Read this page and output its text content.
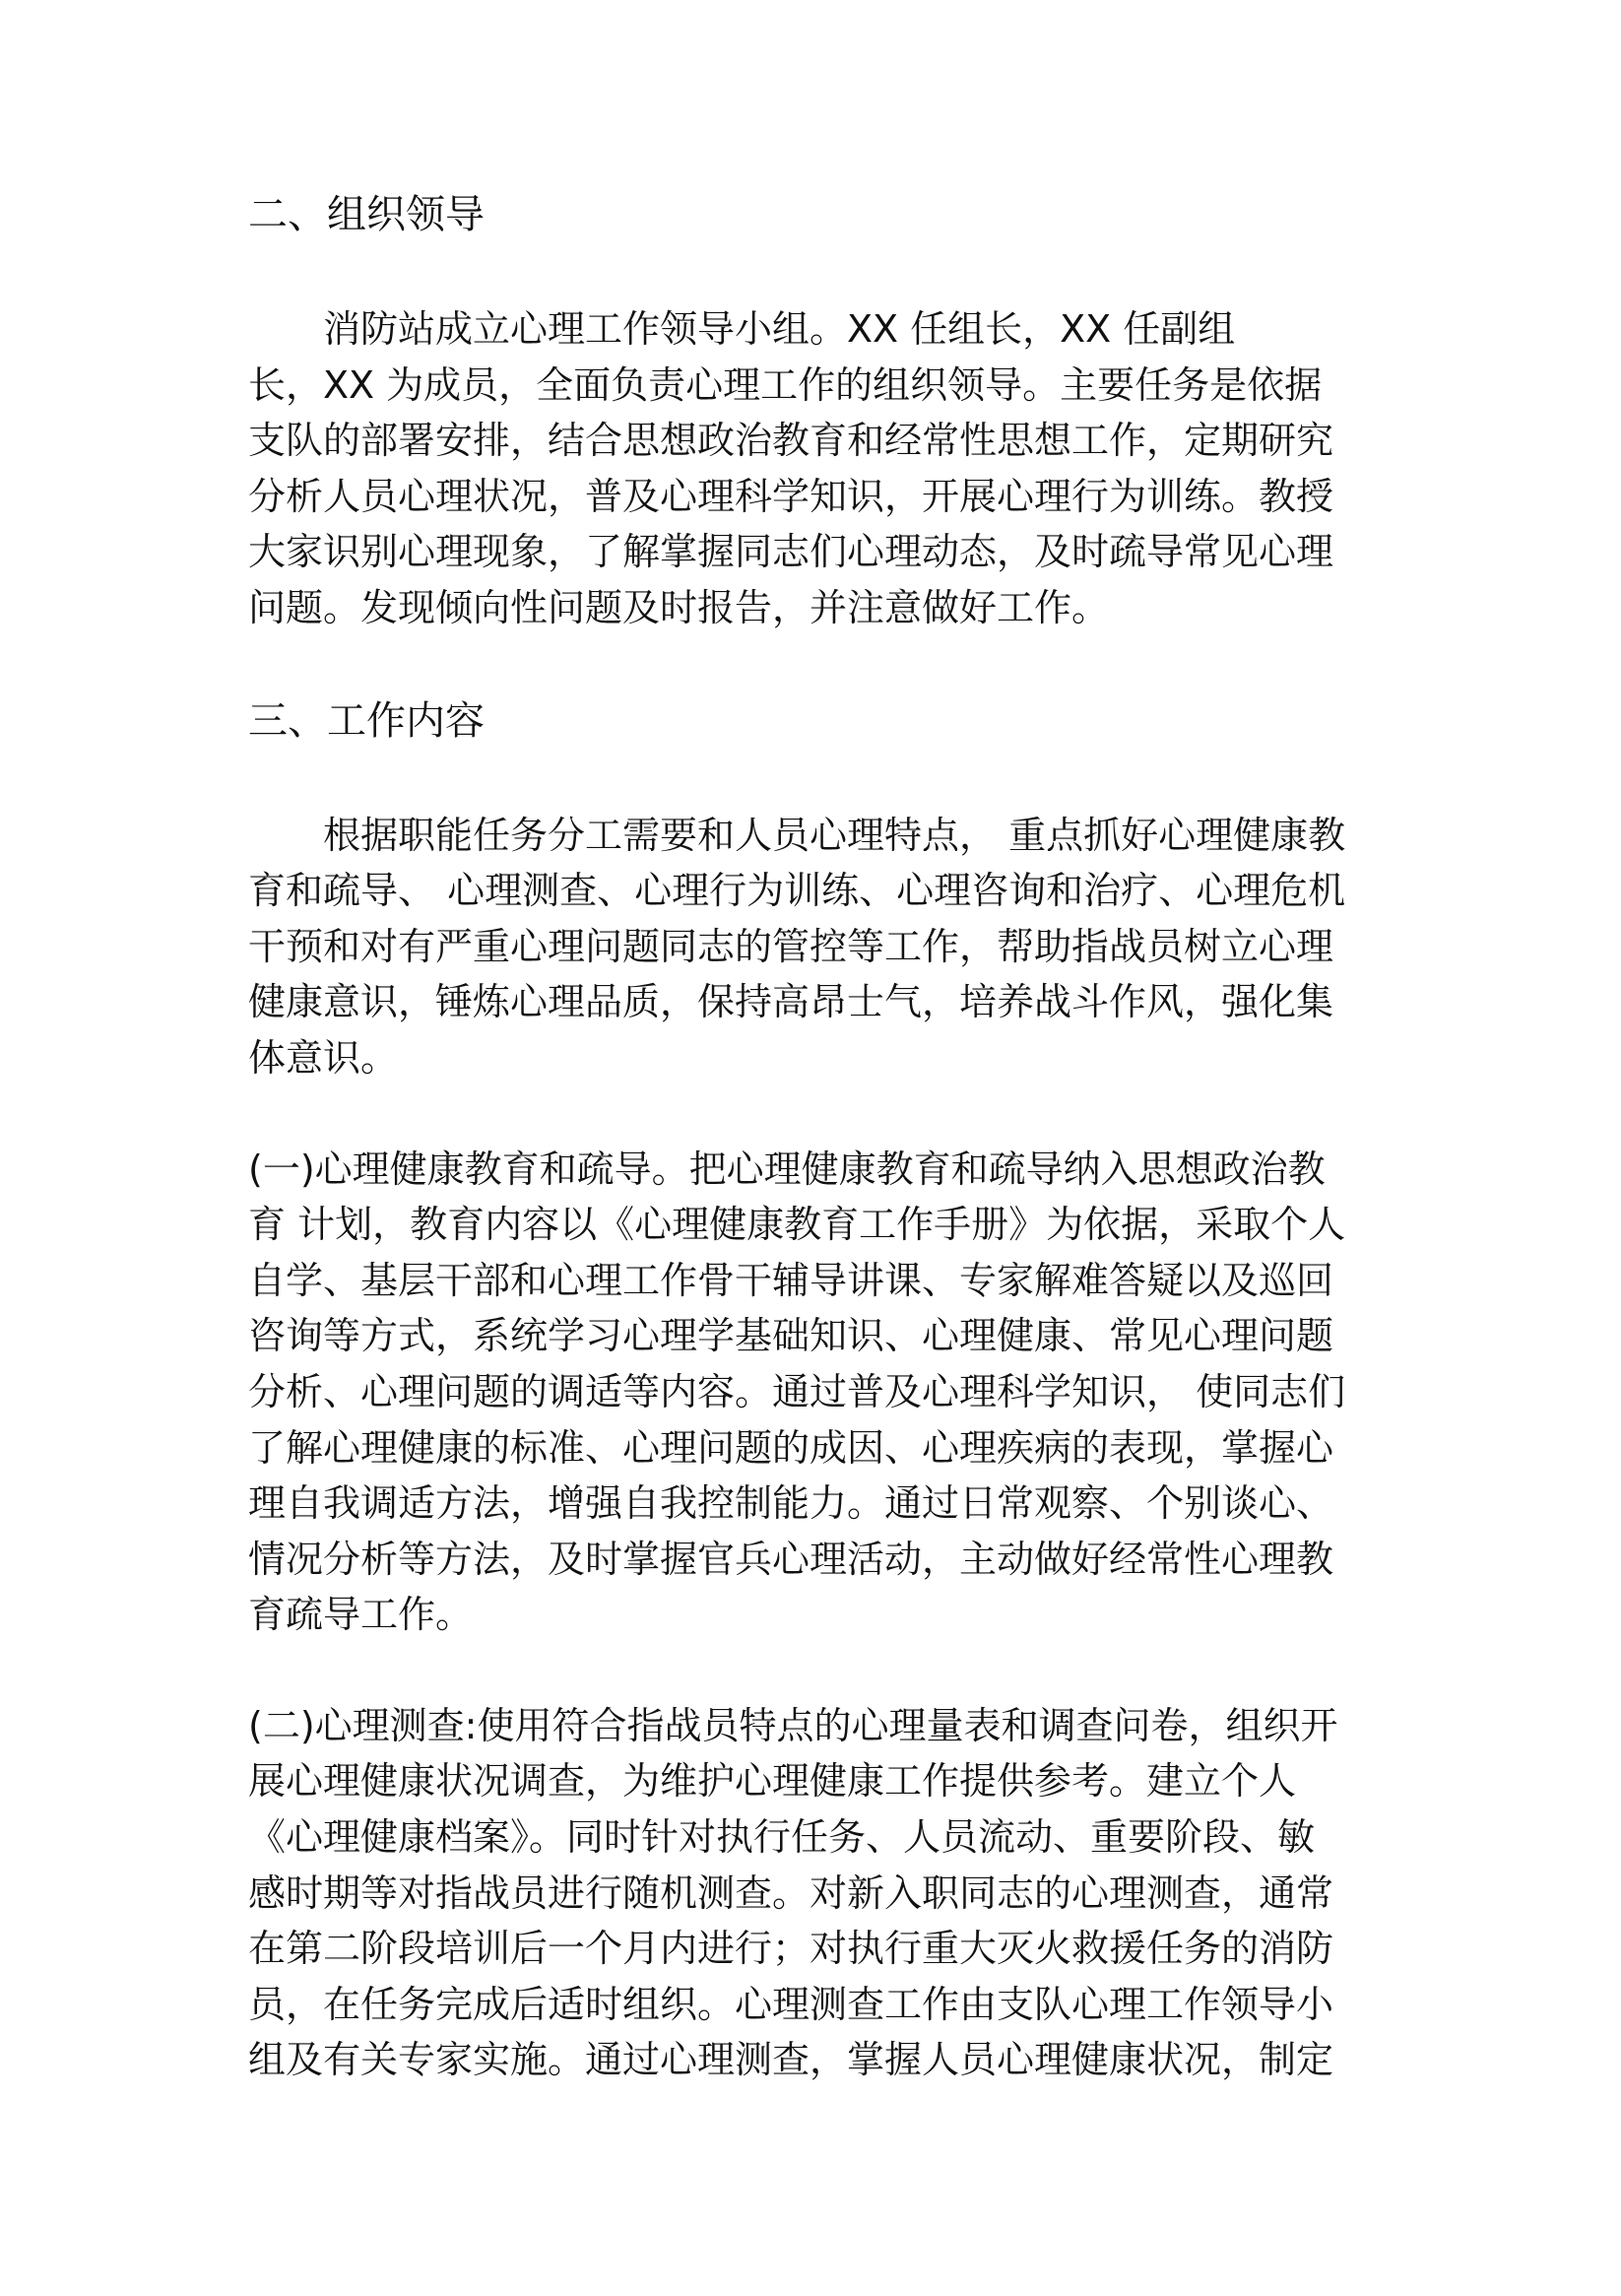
二、组织领导

消防站成立心理工作领导小组。XX 任组长，XX 任副组
长，XX 为成员，全面负责心理工作的组织领导。主要任务是依据
支队的部署安排，结合思想政治教育和经常性思想工作，定期研究
分析人员心理状况，普及心理科学知识，开展心理行为训练。教授
大家识别心理现象，了解掌握同志们心理动态，及时疏导常见心理
问题。发现倾向性问题及时报告，并注意做好工作。

三、工作内容

根据职能任务分工需要和人员心理特点， 重点抓好心理健康教
育和疏导、 心理测查、心理行为训练、心理咨询和治疗、心理危机
干预和对有严重心理问题同志的管控等工作，帮助指战员树立心理
健康意识，锤炼心理品质，保持高昂士气，培养战斗作风，强化集
体意识。

(一)心理健康教育和疏导。把心理健康教育和疏导纳入思想政治教
育 计划，教育内容以《心理健康教育工作手册》为依据，采取个人
自学、基层干部和心理工作骨干辅导讲课、专家解难答疑以及巡回
咨询等方式，系统学习心理学基础知识、心理健康、常见心理问题
分析、心理问题的调适等内容。通过普及心理科学知识， 使同志们
了解心理健康的标准、心理问题的成因、心理疾病的表现，掌握心
理自我调适方法，增强自我控制能力。通过日常观察、个别谈心、
情况分析等方法，及时掌握官兵心理活动，主动做好经常性心理教
育疏导工作。

(二)心理测查:使用符合指战员特点的心理量表和调查问卷，组织开
展心理健康状况调查，为维护心理健康工作提供参考。建立个人
《心理健康档案》。同时针对执行任务、人员流动、重要阶段、敏
感时期等对指战员进行随机测查。对新入职同志的心理测查，通常
在第二阶段培训后一个月内进行；对执行重大灭火救援任务的消防
员，在任务完成后适时组织。心理测查工作由支队心理工作领导小
组及有关专家实施。通过心理测查，掌握人员心理健康状况，制定
